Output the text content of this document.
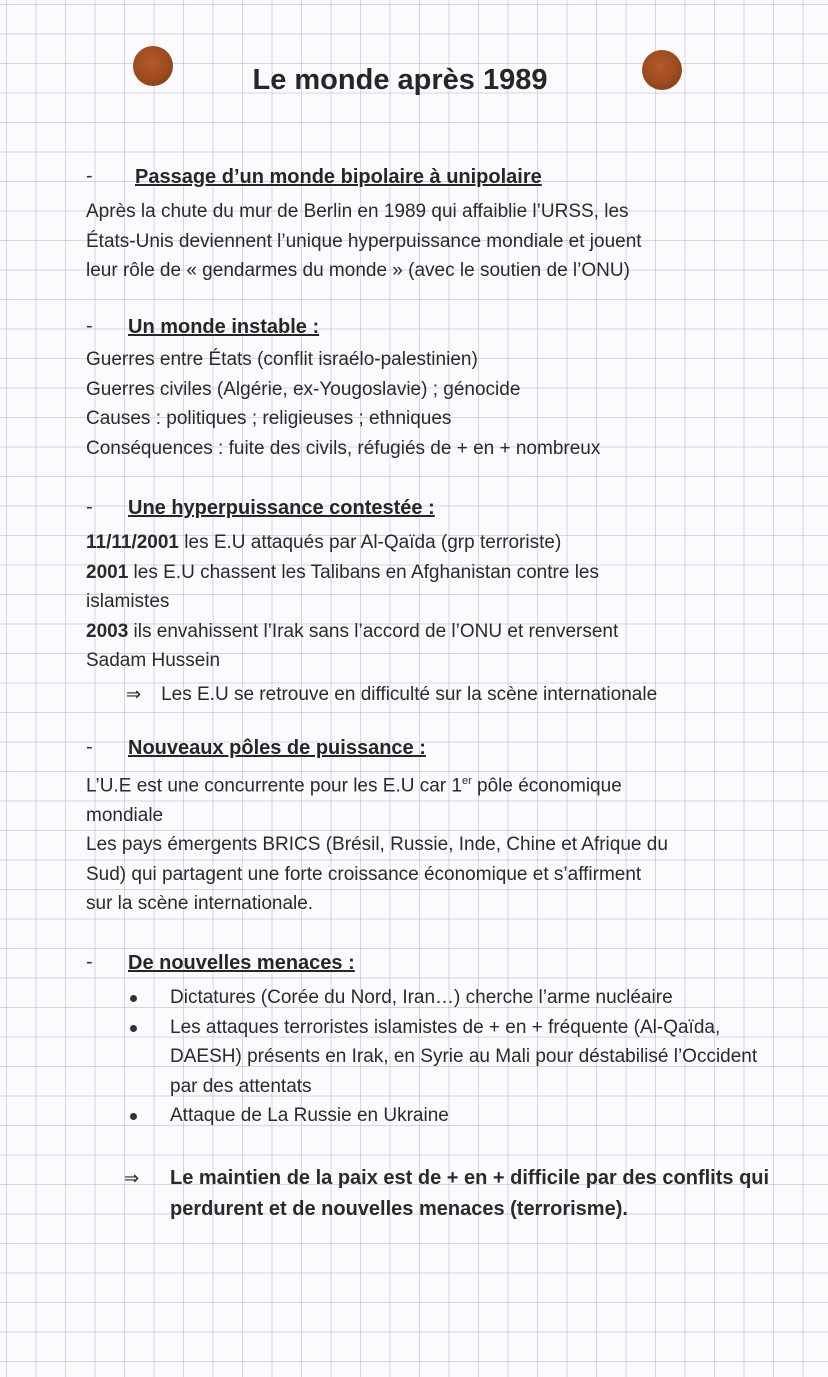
Le monde après 1989
- Passage d’un monde bipolaire à unipolaire
Après la chute du mur de Berlin en 1989 qui affaiblie l’URSS, les
États-Unis deviennent l’unique hyperpuissance mondiale et jouent
leur rôle de « gendarmes du monde » (avec le soutien de l’ONU)
- Un monde instable :
Guerres entre États (conflit israélo-palestinien)
Guerres civiles (Algérie, ex-Yougoslavie) ; génocide
Causes : politiques ; religieuses ; ethniques
Conséquences : fuite des civils, réfugiés de + en + nombreux
- Une hyperpuissance contestée :
11/11/2001 les E.U attaqués par Al-Qaïda (grp terroriste)
2001 les E.U chassent les Talibans en Afghanistan contre les
islamistes
2003 ils envahissent l’Irak sans l’accord de l’ONU et renversent
Sadam Hussein
⇒ Les E.U se retrouve en difficulté sur la scène internationale
- Nouveaux pôles de puissance :
L’U.E est une concurrente pour les E.U car 1er pôle économique
mondiale
Les pays émergents BRICS (Brésil, Russie, Inde, Chine et Afrique du
Sud) qui partagent une forte croissance économique et s’affirment
sur la scène internationale.
- De nouvelles menaces :
Dictatures (Corée du Nord, Iran…) cherche l’arme nucléaire
Les attaques terroristes islamistes de + en + fréquente (Al-Qaïda, DAESH) présents en Irak, en Syrie au Mali pour déstabilisé l’Occident par des attentats
Attaque de La Russie en Ukraine
⇒	Le maintien de la paix est de + en + difficile par des conflits qui perdurent et de nouvelles menaces (terrorisme).
